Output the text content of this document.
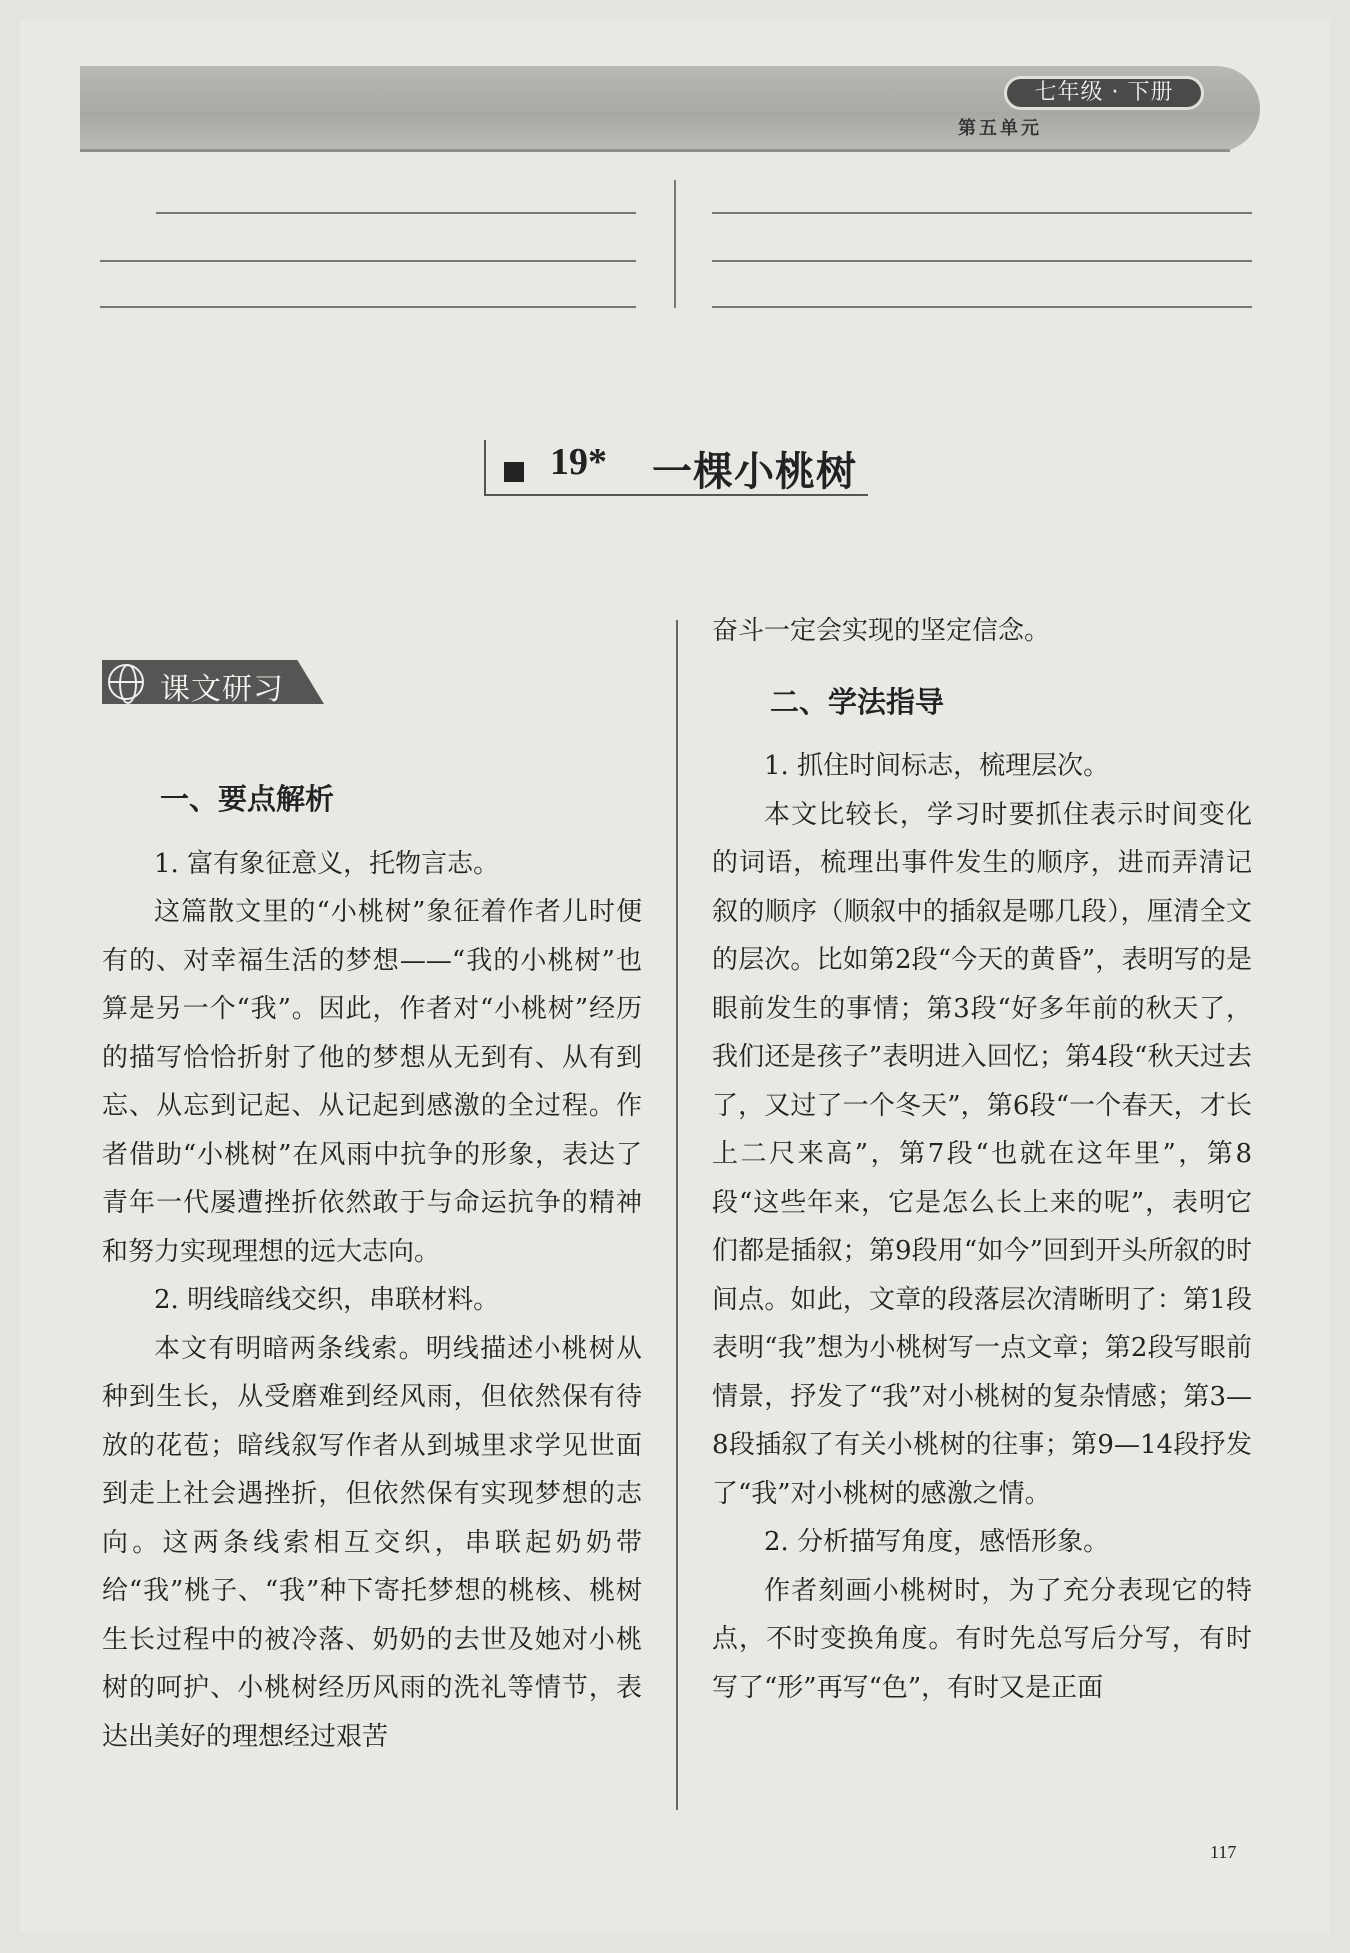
七年级 · 下册
第五单元
19* 一棵小桃树
课文研习
一、要点解析

1. 富有象征意义，托物言志。

这篇散文里的“小桃树”象征着作者儿时便有的、对幸福生活的梦想——“我的小桃树”也算是另一个“我”。因此，作者对“小桃树”经历的描写恰恰折射了他的梦想从无到有、从有到忘、从忘到记起、从记起到感激的全过程。作者借助“小桃树”在风雨中抗争的形象，表达了青年一代屡遭挫折依然敢于与命运抗争的精神和努力实现理想的远大志向。

2. 明线暗线交织，串联材料。

本文有明暗两条线索。明线描述小桃树从种到生长，从受磨难到经风雨，但依然保有待放的花苞；暗线叙写作者从到城里求学见世面到走上社会遇挫折，但依然保有实现梦想的志向。这两条线索相互交织，串联起奶奶带给“我”桃子、“我”种下寄托梦想的桃核、桃树生长过程中的被冷落、奶奶的去世及她对小桃树的呵护、小桃树经历风雨的洗礼等情节，表达出美好的理想经过艰苦

奋斗一定会实现的坚定信念。

二、学法指导

1. 抓住时间标志，梳理层次。

本文比较长，学习时要抓住表示时间变化的词语，梳理出事件发生的顺序，进而弄清记叙的顺序（顺叙中的插叙是哪几段），厘清全文的层次。比如第2段“今天的黄昏”，表明写的是眼前发生的事情；第3段“好多年前的秋天了，我们还是孩子”表明进入回忆；第4段“秋天过去了，又过了一个冬天”，第6段“一个春天，才长上二尺来高”，第7段“也就在这年里”，第8段“这些年来，它是怎么长上来的呢”，表明它们都是插叙；第9段用“如今”回到开头所叙的时间点。如此，文章的段落层次清晰明了：第1段表明“我”想为小桃树写一点文章；第2段写眼前情景，抒发了“我”对小桃树的复杂情感；第3—8段插叙了有关小桃树的往事；第9—14段抒发了“我”对小桃树的感激之情。

2. 分析描写角度，感悟形象。

作者刻画小桃树时，为了充分表现它的特点，不时变换角度。有时先总写后分写，有时写了“形”再写“色”，有时又是正面

117
